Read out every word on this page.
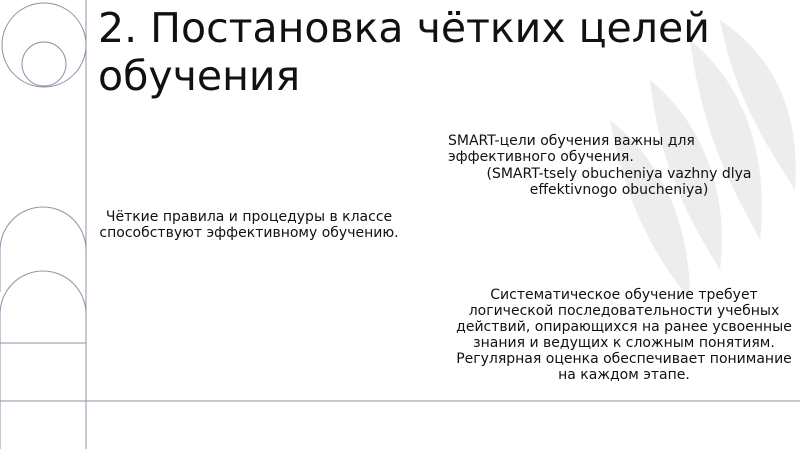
2. Постановка чётких целей обучения

Чёткие правила и процедуры в классе способствуют эффективному обучению.

SMART-цели обучения важны для эффективного обучения.

(SMART-tsely obucheniya vazhny dlya effektivnogo obucheniya)

Систематическое обучение требует логической последовательности учебных действий, опирающихся на ранее усвоенные знания и ведущих к сложным понятиям. Регулярная оценка обеспечивает понимание на каждом этапе.
